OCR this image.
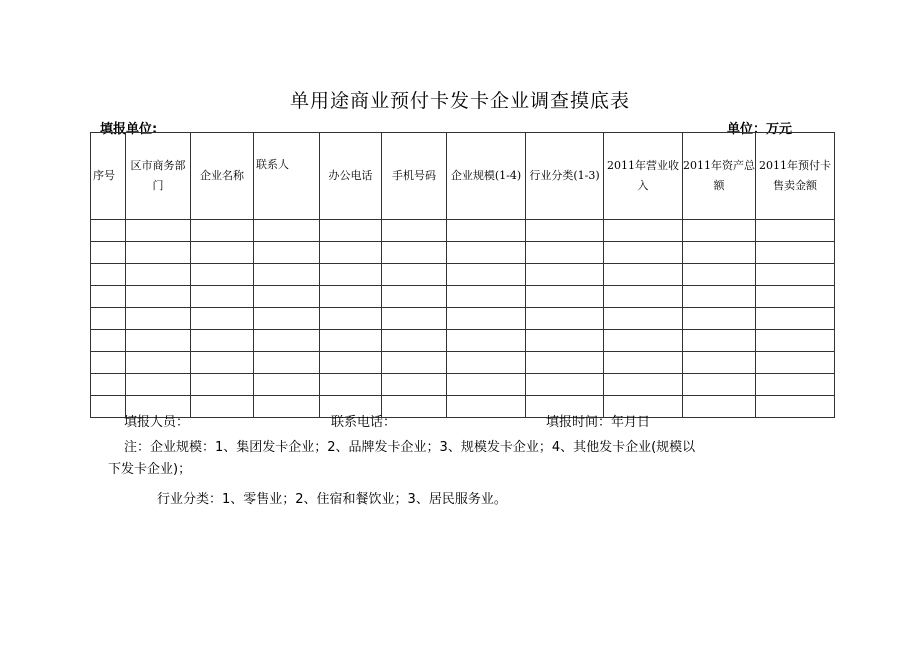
单用途商业预付卡发卡企业调查摸底表
填报单位:	单位：万元
序号	区市商务部门	企业名称	联系人	办公电话	手机号码	企业规模(1-4)	行业分类(1-3)	2011年营业收入	2011年资产总额	2011年预付卡售卖金额

填报人员：	联系电话：	填报时间：年月日
注：企业规模：1、集团发卡企业；2、品牌发卡企业；3、规模发卡企业；4、其他发卡企业(规模以
下发卡企业)；
行业分类：1、零售业；2、住宿和餐饮业；3、居民服务业。
